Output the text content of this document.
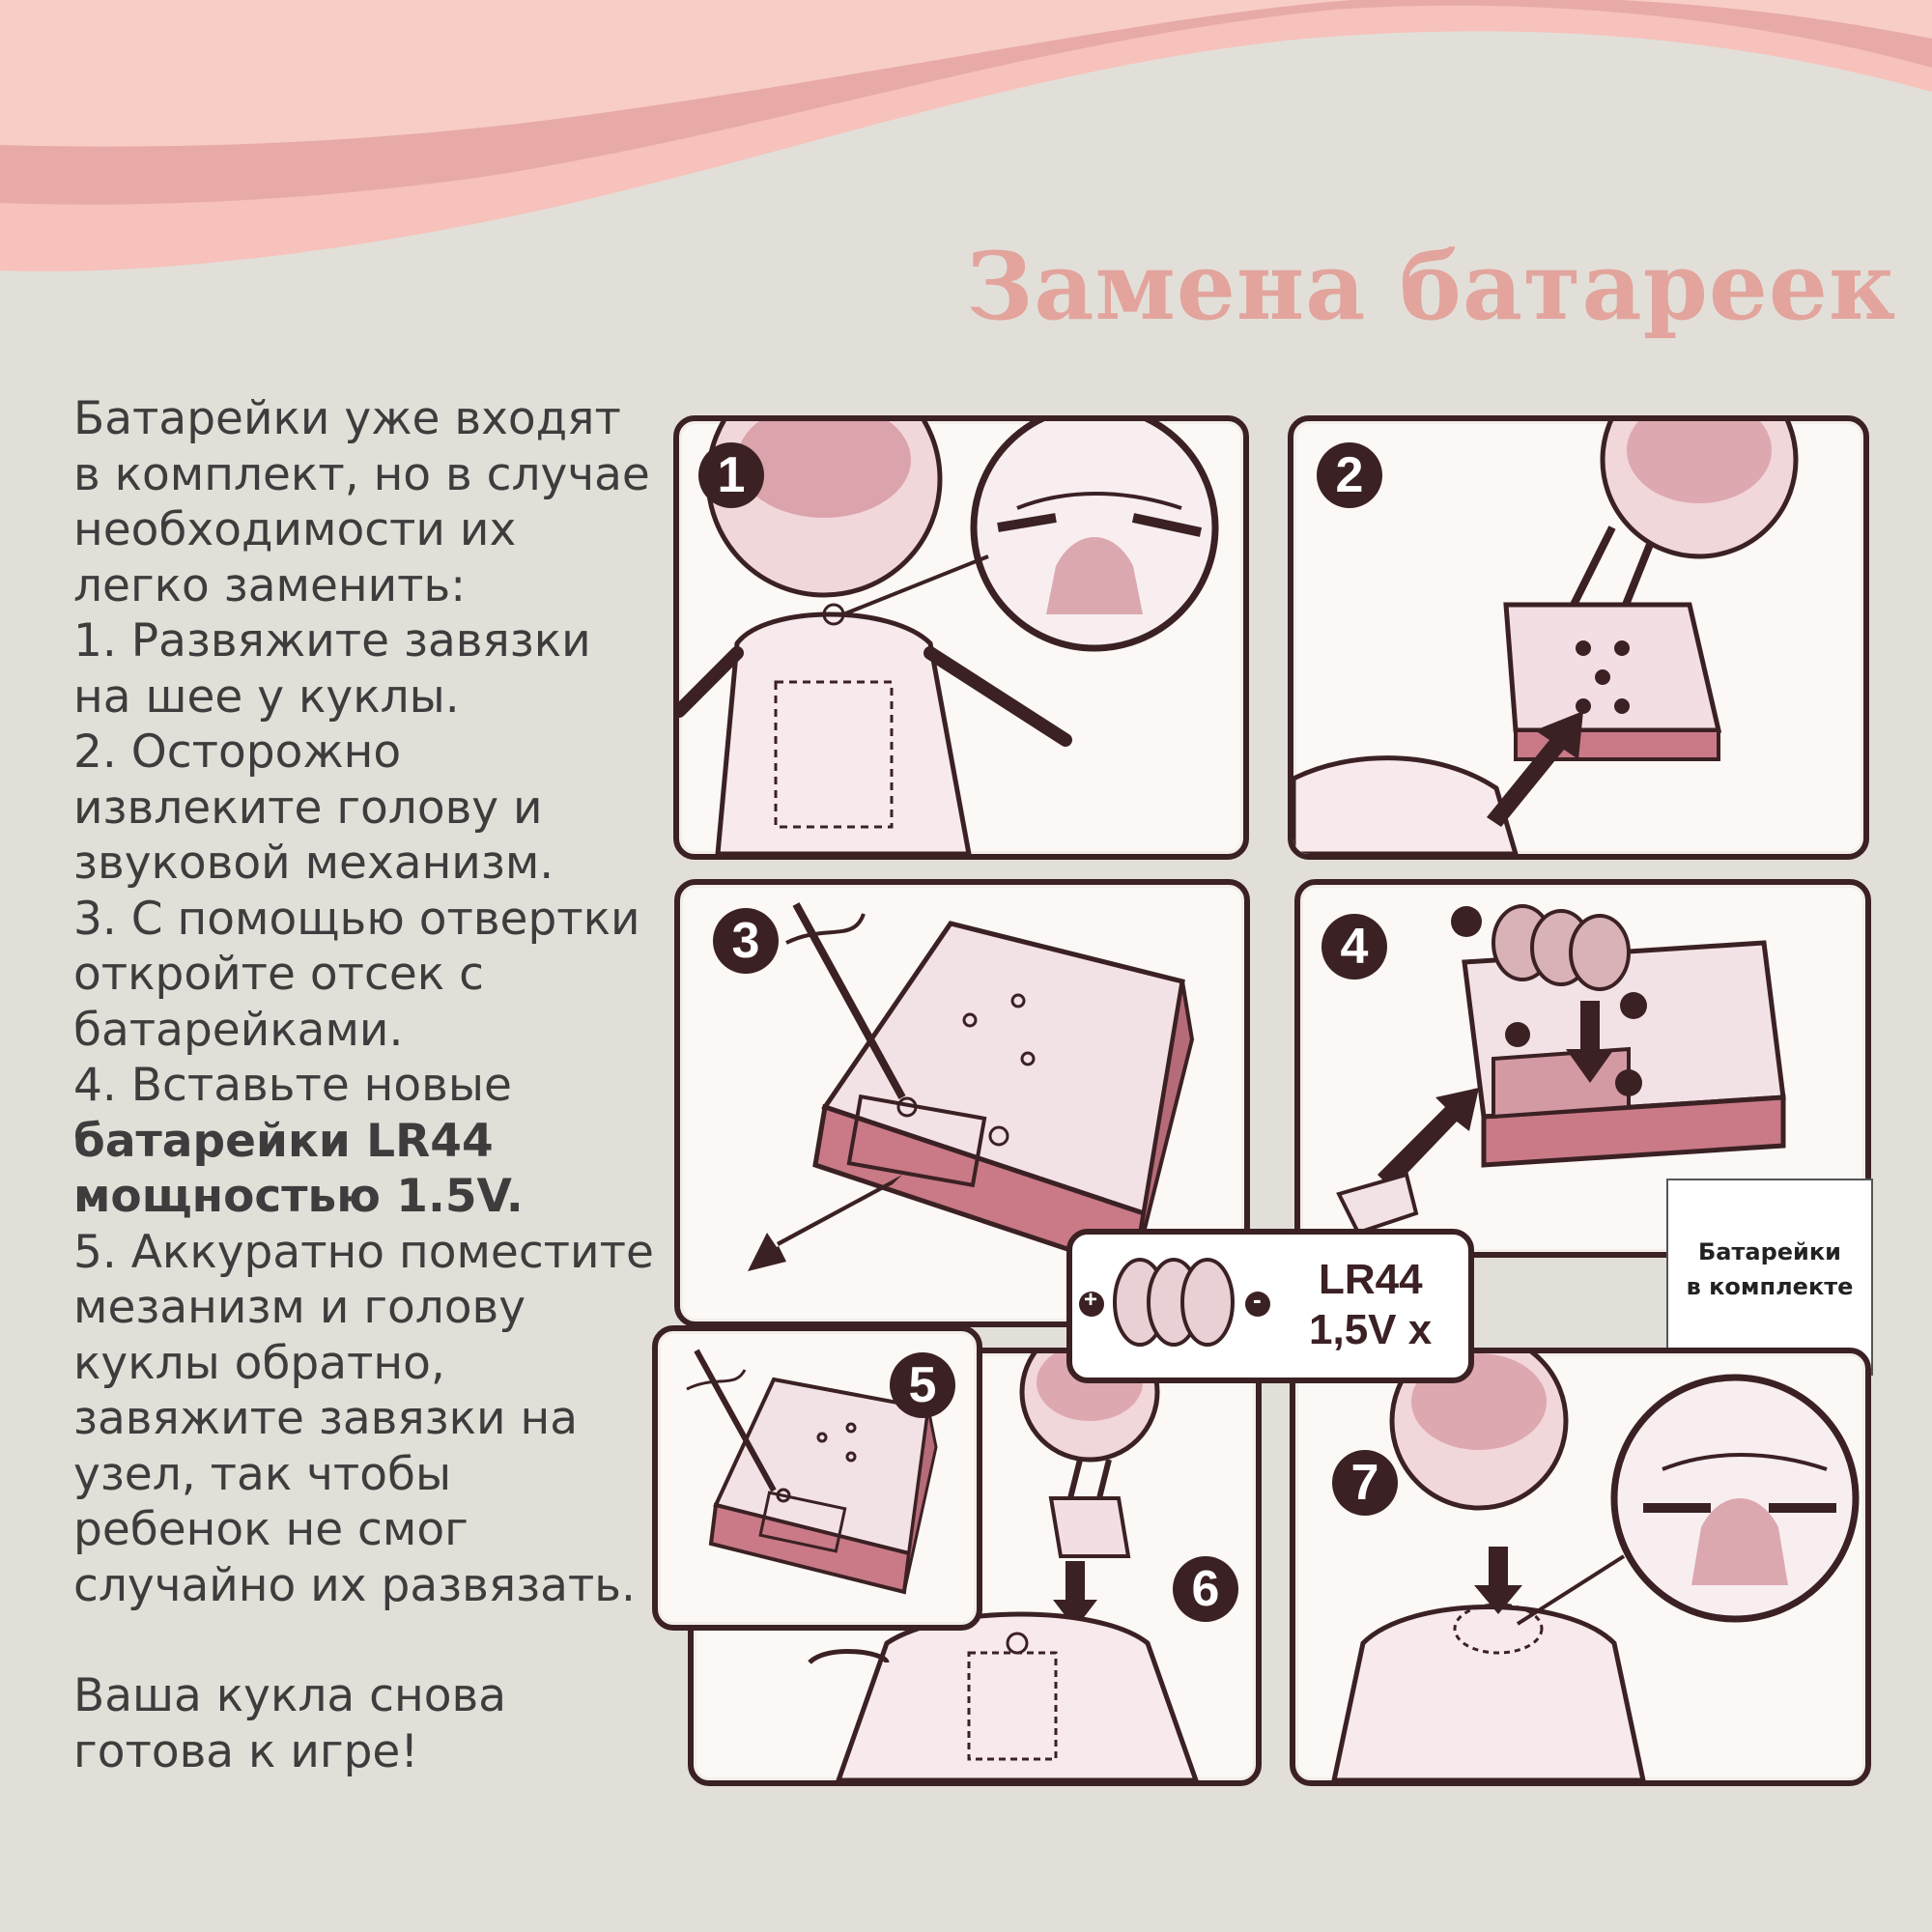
Замена батареек

Батарейки уже входят

в комплект, но в случае

необходимости их

легко заменить:

1. Развяжите завязки

на шее у куклы.

2. Осторожно

извлеките голову и

звуковой механизм.

3. С помощью отвертки

откройте отсек с

батарейками.

4. Вставьте новые

батарейки LR44

мощностью 1.5V.

5. Аккуратно поместите

мезанизм и голову

куклы обратно,

завяжите завязки на

узел, так чтобы

ребенок не смог

случайно их развязать.

Ваша кукла снова

готова к игре!

1	2
3	4
Батарейки
в комплекте
6
5
7
+	- LR44
1,5V x
